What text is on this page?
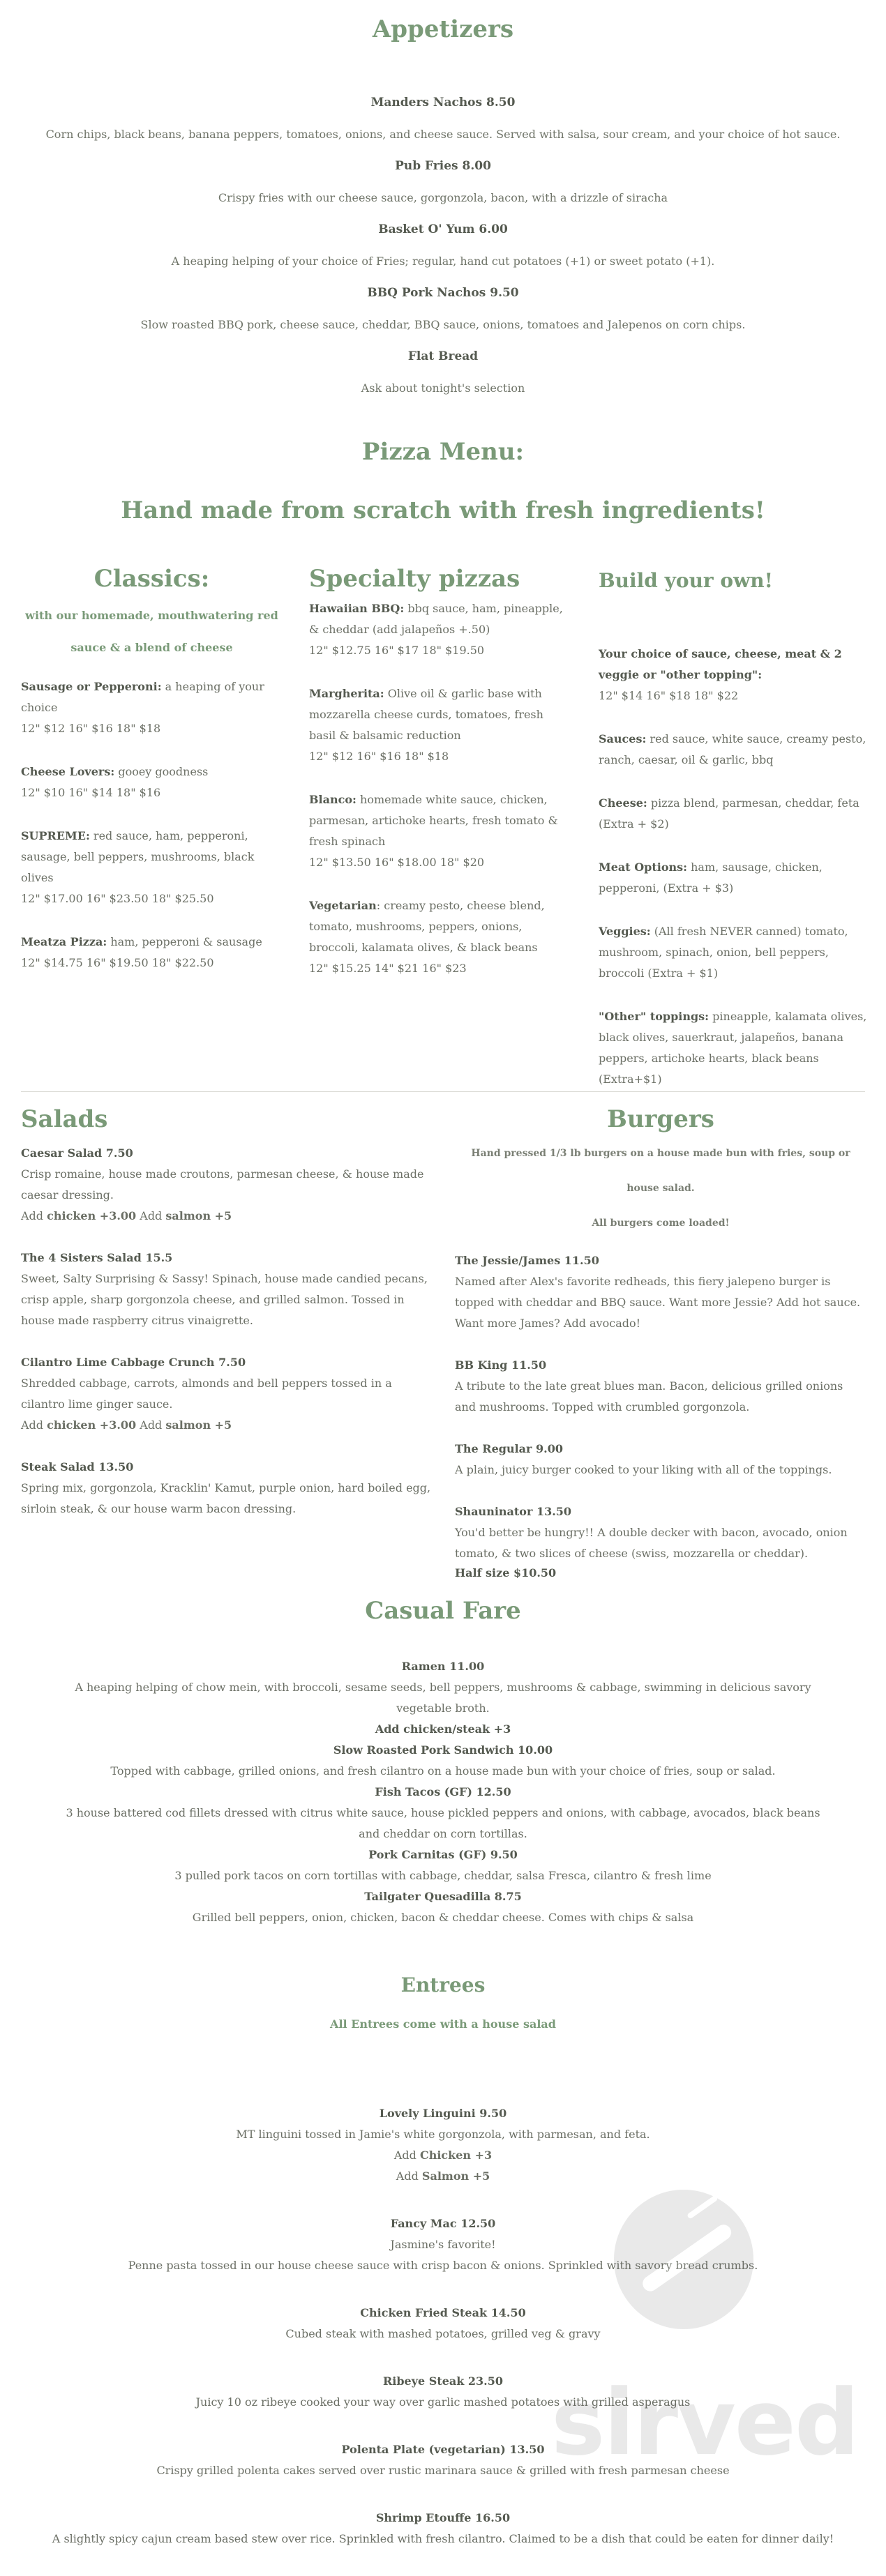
Appetizers
Manders Nachos 8.50
Corn chips, black beans, banana peppers, tomatoes, onions, and cheese sauce. Served with salsa, sour cream, and your choice of hot sauce.
Pub Fries 8.00
Crispy fries with our cheese sauce, gorgonzola, bacon, with a drizzle of siracha
Basket O' Yum 6.00
A heaping helping of your choice of Fries; regular, hand cut potatoes (+1) or sweet potato (+1).
BBQ Pork Nachos 9.50
Slow roasted BBQ pork, cheese sauce, cheddar, BBQ sauce, onions, tomatoes and Jalepenos on corn chips.
Flat Bread
Ask about tonight's selection
Pizza Menu:
Hand made from scratch with fresh ingredients!
Classics:
with our homemade, mouthwatering red sauce & a blend of cheese
Sausage or Pepperoni: a heaping of your choice
12" $12 16" $16 18" $18
Cheese Lovers: gooey goodness
12" $10 16" $14 18" $16
SUPREME: red sauce, ham, pepperoni, sausage, bell peppers, mushrooms, black olives
12" $17.00 16" $23.50 18" $25.50
Meatza Pizza: ham, pepperoni & sausage
12" $14.75 16" $19.50 18" $22.50
Specialty pizzas
Hawaiian BBQ: bbq sauce, ham, pineapple, & cheddar (add jalapeños +.50)
12" $12.75 16" $17 18" $19.50
Margherita: Olive oil & garlic base with mozzarella cheese curds, tomatoes, fresh basil & balsamic reduction
12" $12 16" $16 18" $18
Blanco: homemade white sauce, chicken, parmesan, artichoke hearts, fresh tomato & fresh spinach
12" $13.50 16" $18.00 18" $20
Vegetarian: creamy pesto, cheese blend, tomato, mushrooms, peppers, onions, broccoli, kalamata olives, & black beans
12" $15.25 14" $21 16" $23
Build your own!
Your choice of sauce, cheese, meat & 2 veggie or "other topping":
12" $14 16" $18 18" $22
Sauces: red sauce, white sauce, creamy pesto, ranch, caesar, oil & garlic, bbq
Cheese: pizza blend, parmesan, cheddar, feta (Extra + $2)
Meat Options: ham, sausage, chicken, pepperoni, (Extra + $3)
Veggies: (All fresh NEVER canned) tomato, mushroom, spinach, onion, bell peppers, broccoli (Extra + $1)
"Other" toppings: pineapple, kalamata olives, black olives, sauerkraut, jalapeños, banana peppers, artichoke hearts, black beans (Extra+$1)
Salads
Caesar Salad 7.50
Crisp romaine, house made croutons, parmesan cheese, & house made caesar dressing.
Add chicken +3.00 Add salmon +5
The 4 Sisters Salad 15.5
Sweet, Salty Surprising & Sassy! Spinach, house made candied pecans, crisp apple, sharp gorgonzola cheese, and grilled salmon. Tossed in house made raspberry citrus vinaigrette.
Cilantro Lime Cabbage Crunch 7.50
Shredded cabbage, carrots, almonds and bell peppers tossed in a cilantro lime ginger sauce.
Add chicken +3.00 Add salmon +5
Steak Salad 13.50
Spring mix, gorgonzola, Kracklin' Kamut, purple onion, hard boiled egg, sirloin steak, & our house warm bacon dressing.
Burgers
Hand pressed 1/3 lb burgers on a house made bun with fries, soup or house salad.
All burgers come loaded!
The Jessie/James 11.50
Named after Alex's favorite redheads, this fiery jalepeno burger is topped with cheddar and BBQ sauce. Want more Jessie? Add hot sauce. Want more James? Add avocado!
BB King 11.50
A tribute to the late great blues man. Bacon, delicious grilled onions and mushrooms. Topped with crumbled gorgonzola.
The Regular 9.00
A plain, juicy burger cooked to your liking with all of the toppings.
Shauninator 13.50
You'd better be hungry!! A double decker with bacon, avocado, onion tomato, & two slices of cheese (swiss, mozzarella or cheddar).
Half size $10.50
Casual Fare
Ramen 11.00
A heaping helping of chow mein, with broccoli, sesame seeds, bell peppers, mushrooms & cabbage, swimming in delicious savory vegetable broth.
Add chicken/steak +3
Slow Roasted Pork Sandwich 10.00
Topped with cabbage, grilled onions, and fresh cilantro on a house made bun with your choice of fries, soup or salad.
Fish Tacos (GF) 12.50
3 house battered cod fillets dressed with citrus white sauce, house pickled peppers and onions, with cabbage, avocados, black beans and cheddar on corn tortillas.
Pork Carnitas (GF) 9.50
3 pulled pork tacos on corn tortillas with cabbage, cheddar, salsa Fresca, cilantro & fresh lime
Tailgater Quesadilla 8.75
Grilled bell peppers, onion, chicken, bacon & cheddar cheese. Comes with chips & salsa
Entrees
All Entrees come with a house salad
Lovely Linguini 9.50
MT linguini tossed in Jamie's white gorgonzola, with parmesan, and feta.
Add Chicken +3
Add Salmon +5
Fancy Mac 12.50
Jasmine's favorite!
Penne pasta tossed in our house cheese sauce with crisp bacon & onions. Sprinkled with savory bread crumbs.
Chicken Fried Steak 14.50
Cubed steak with mashed potatoes, grilled veg & gravy
Ribeye Steak 23.50
Juicy 10 oz ribeye cooked your way over garlic mashed potatoes with grilled asperagus
Polenta Plate (vegetarian) 13.50
Crispy grilled polenta cakes served over rustic marinara sauce & grilled with fresh parmesan cheese
Shrimp Etouffe 16.50
A slightly spicy cajun cream based stew over rice. Sprinkled with fresh cilantro. Claimed to be a dish that could be eaten for dinner daily!
sirved
